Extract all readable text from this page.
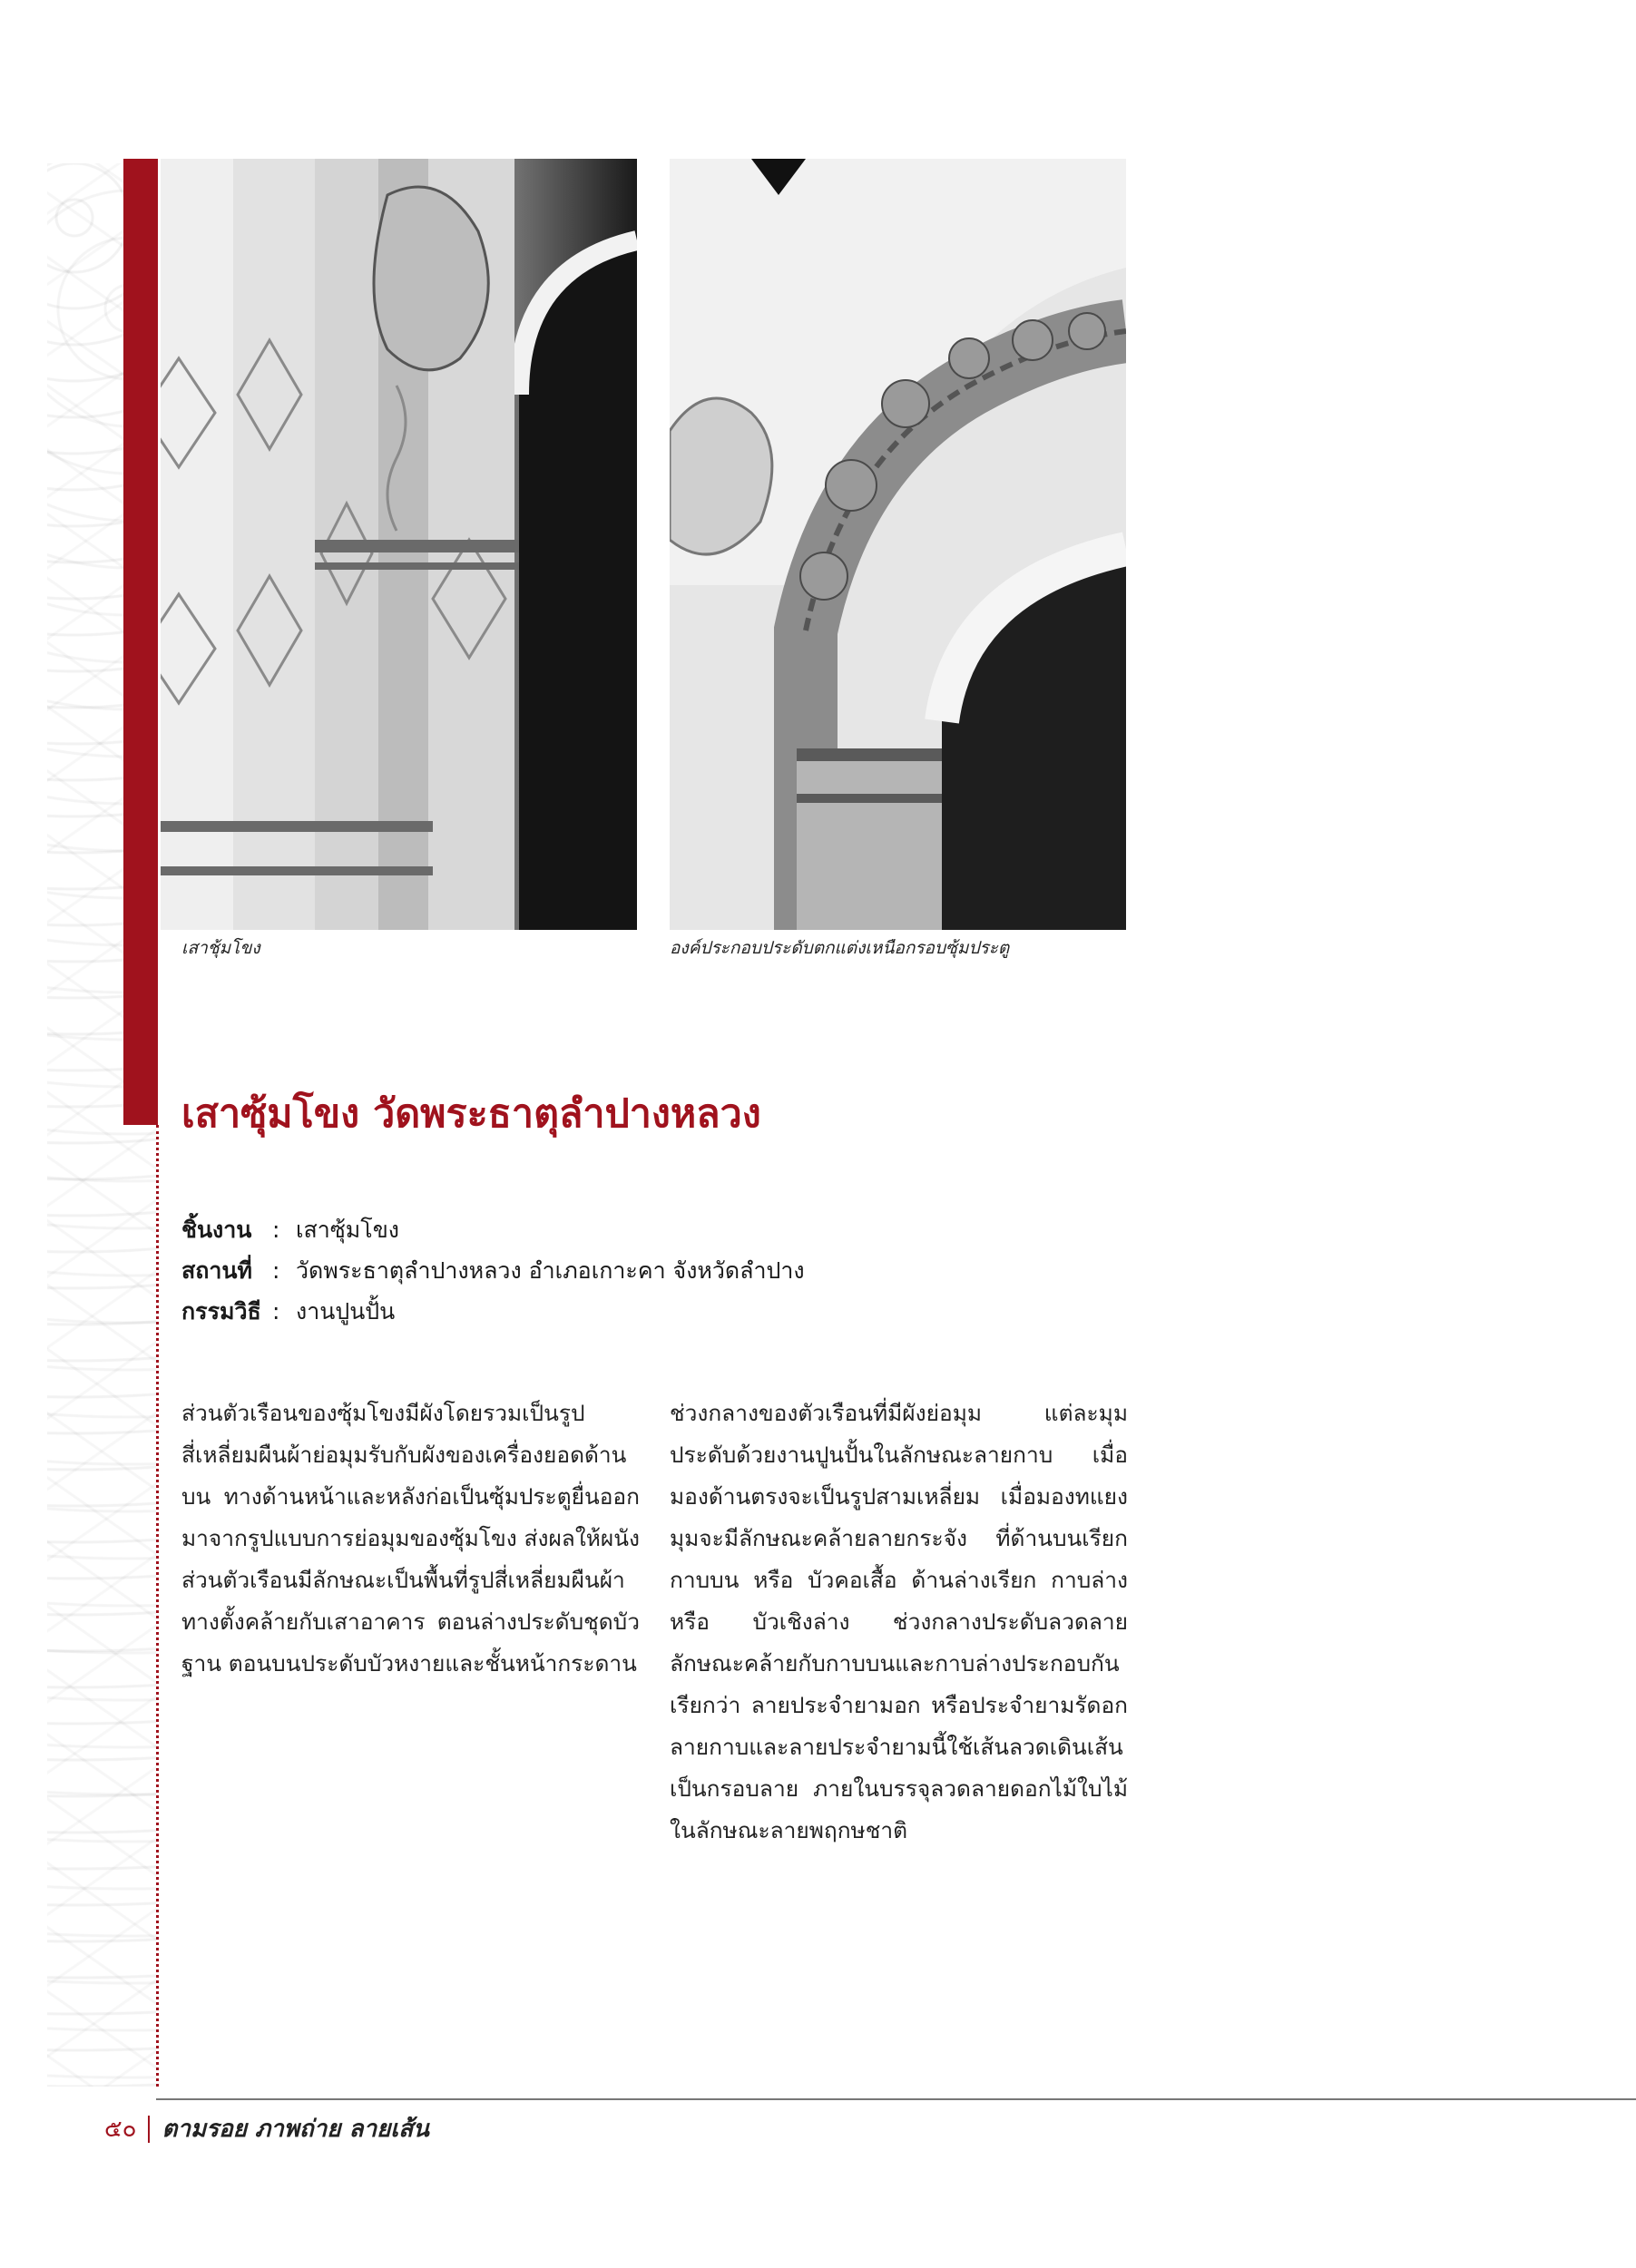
เสาชุ้มโขง	องค์ประกอบประดับตกแต่งเหนือกรอบซุ้มประตู
เสาซุ้มโขง วัดพระธาตุลำปางหลวง
ชิ้นงาน : เสาซุ้มโขง
สถานที่ : วัดพระธาตุลำปางหลวง อำเภอเกาะคา จังหวัดลำปาง
กรรมวิธี : งานปูนปั้น

ส่วนตัวเรือนของซุ้มโขงมีผังโดยรวมเป็นรูปสี่เหลี่ยมผืนผ้าย่อมุมรับกับผังของเครื่องยอดด้านบน ทางด้านหน้าและหลังก่อเป็นซุ้มประตูยื่นออกมาจากรูปแบบการย่อมุมของซุ้มโขง ส่งผลให้ผนังส่วนตัวเรือนมีลักษณะเป็นพื้นที่รูปสี่เหลี่ยมผืนผ้าทางตั้งคล้ายกับเสาอาคาร ตอนล่างประดับชุดบัวฐาน ตอนบนประดับบัวหงายและชั้นหน้ากระดาน

ช่วงกลางของตัวเรือนที่มีผังย่อมุม แต่ละมุมประดับด้วยงานปูนปั้นในลักษณะลายกาบ เมื่อมองด้านตรงจะเป็นรูปสามเหลี่ยม เมื่อมองทแยงมุมจะมีลักษณะคล้ายลายกระจัง ที่ด้านบนเรียก กาบบน หรือ บัวคอเสื้อ ด้านล่างเรียก กาบล่าง หรือ บัวเชิงล่าง ช่วงกลางประดับลวดลายลักษณะคล้ายกับกาบบนและกาบล่างประกอบกัน เรียกว่า ลายประจำยามอก หรือประจำยามรัดอก ลายกาบและลายประจำยามนี้ใช้เส้นลวดเดินเส้นเป็นกรอบลาย ภายในบรรจุลวดลายดอกไม้ใบไม้ ในลักษณะลายพฤกษชาติ

๕๐ ตามรอย ภาพถ่าย ลายเส้น
